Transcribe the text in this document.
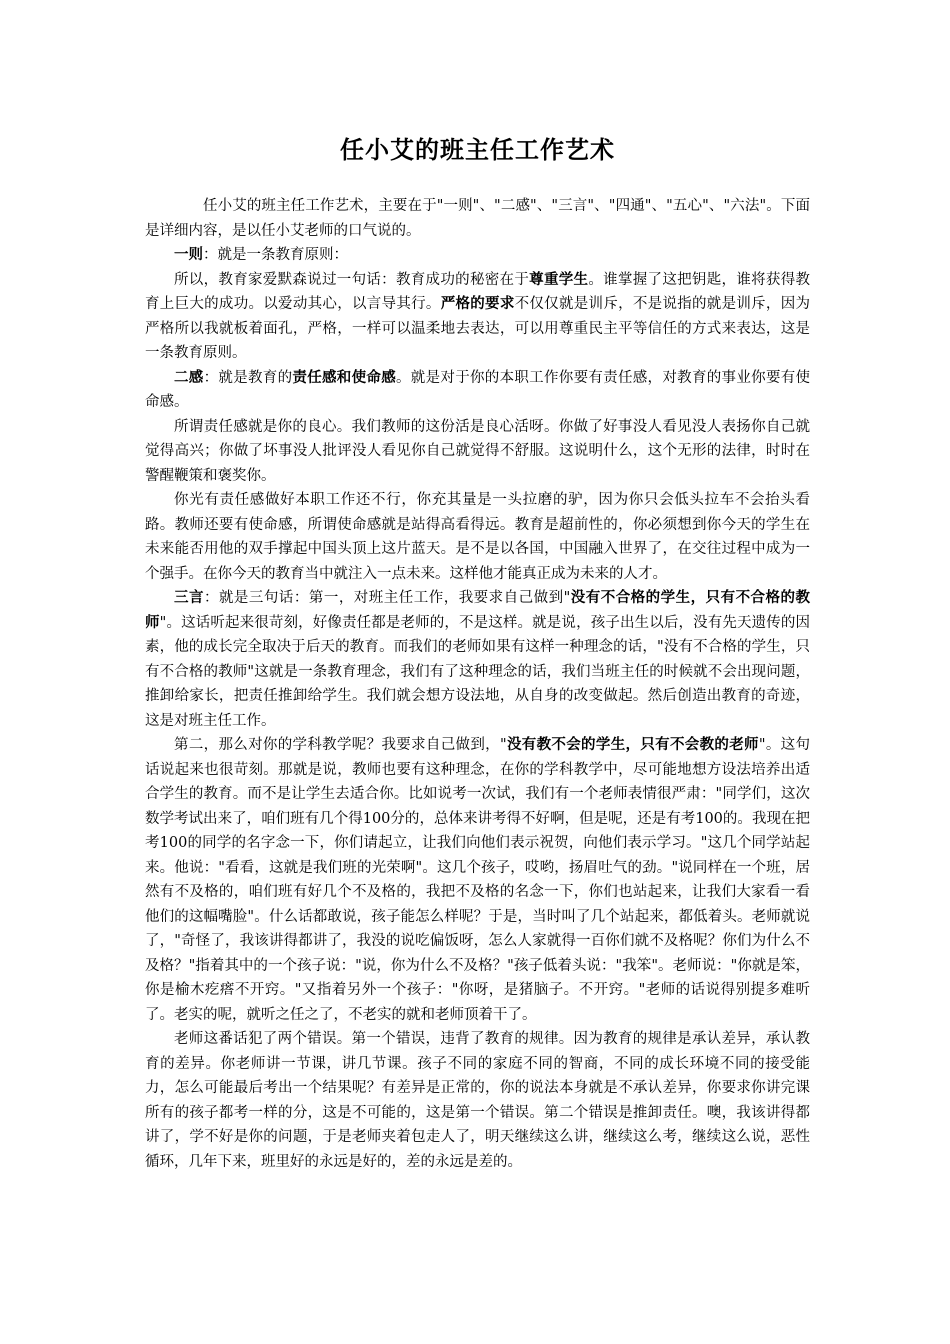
任小艾的班主任工作艺术

任小艾的班主任工作艺术，主要在于"一则"、"二感"、"三言"、"四通"、"五心"、"六法"。下面是详细内容，是以任小艾老师的口气说的。

一则：就是一条教育原则：

所以，教育家爱默森说过一句话：教育成功的秘密在于尊重学生。谁掌握了这把钥匙，谁将获得教育上巨大的成功。以爱动其心，以言导其行。严格的要求不仅仅就是训斥，不是说指的就是训斥，因为严格所以我就板着面孔，严格，一样可以温柔地去表达，可以用尊重民主平等信任的方式来表达，这是一条教育原则。

二感：就是教育的责任感和使命感。就是对于你的本职工作你要有责任感，对教育的事业你要有使命感。

所谓责任感就是你的良心。我们教师的这份活是良心活呀。你做了好事没人看见没人表扬你自己就觉得高兴；你做了坏事没人批评没人看见你自己就觉得不舒服。这说明什么，这个无形的法律，时时在警醒鞭策和褒奖你。

你光有责任感做好本职工作还不行，你充其量是一头拉磨的驴，因为你只会低头拉车不会抬头看路。教师还要有使命感，所谓使命感就是站得高看得远。教育是超前性的，你必须想到你今天的学生在未来能否用他的双手撑起中国头顶上这片蓝天。是不是以各国，中国融入世界了，在交往过程中成为一个强手。在你今天的教育当中就注入一点未来。这样他才能真正成为未来的人才。

三言：就是三句话：第一，对班主任工作，我要求自己做到"没有不合格的学生，只有不合格的教师"。这话听起来很苛刻，好像责任都是老师的，不是这样。就是说，孩子出生以后，没有先天遗传的因素，他的成长完全取决于后天的教育。而我们的老师如果有这样一种理念的话，"没有不合格的学生，只有不合格的教师"这就是一条教育理念，我们有了这种理念的话，我们当班主任的时候就不会出现问题，推卸给家长，把责任推卸给学生。我们就会想方设法地，从自身的改变做起。然后创造出教育的奇迹，这是对班主任工作。

第二，那么对你的学科教学呢？我要求自己做到，"没有教不会的学生，只有不会教的老师"。这句话说起来也很苛刻。那就是说，教师也要有这种理念，在你的学科教学中，尽可能地想方设法培养出适合学生的教育。而不是让学生去适合你。比如说考一次试，我们有一个老师表情很严肃："同学们，这次数学考试出来了，咱们班有几个得100分的，总体来讲考得不好啊，但是呢，还是有考100的。我现在把考100的同学的名字念一下，你们请起立，让我们向他们表示祝贺，向他们表示学习。"这几个同学站起来。他说："看看，这就是我们班的光荣啊"。这几个孩子，哎哟，扬眉吐气的劲。"说同样在一个班，居然有不及格的，咱们班有好几个不及格的，我把不及格的名念一下，你们也站起来，让我们大家看一看他们的这幅嘴脸"。什么话都敢说，孩子能怎么样呢？于是，当时叫了几个站起来，都低着头。老师就说了，"奇怪了，我该讲得都讲了，我没的说吃偏饭呀，怎么人家就得一百你们就不及格呢？你们为什么不及格？"指着其中的一个孩子说："说，你为什么不及格？"孩子低着头说："我笨"。老师说："你就是笨，你是榆木疙瘩不开窍。"又指着另外一个孩子："你呀，是猪脑子。不开窍。"老师的话说得别提多难听了。老实的呢，就听之任之了，不老实的就和老师顶着干了。

老师这番话犯了两个错误。第一个错误，违背了教育的规律。因为教育的规律是承认差异，承认教育的差异。你老师讲一节课，讲几节课。孩子不同的家庭不同的智商，不同的成长环境不同的接受能力，怎么可能最后考出一个结果呢？有差异是正常的，你的说法本身就是不承认差异，你要求你讲完课所有的孩子都考一样的分，这是不可能的，这是第一个错误。第二个错误是推卸责任。噢，我该讲得都讲了，学不好是你的问题，于是老师夹着包走人了，明天继续这么讲，继续这么考，继续这么说，恶性循环，几年下来，班里好的永远是好的，差的永远是差的。
